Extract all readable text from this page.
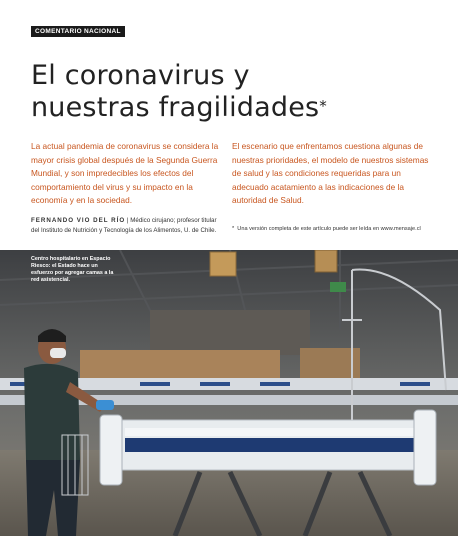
COMENTARIO NACIONAL
El coronavirus y
nuestras fragilidades*

La actual pandemia de coronavirus se considera la mayor crisis global después de la Segunda Guerra Mundial, y son impredecibles los efectos del comportamiento del virus y su impacto en la economía y en la sociedad.

El escenario que enfrentamos cuestiona algunas de nuestras prioridades, el modelo de nuestros sistemas de salud y las condiciones requeridas para un adecuado acatamiento a las indicaciones de la autoridad de Salud.

FERNANDO VIO DEL RÍO | Médico cirujano; profesor titular del Instituto de Nutrición y Tecnología de los Alimentos, U. de Chile.	* Una versión completa de este artículo puede ser leída en www.mensaje.cl
Centro hospitalario en Espacio Riesco: el Estado hace un esfuerzo por agregar camas a la red asistencial.
